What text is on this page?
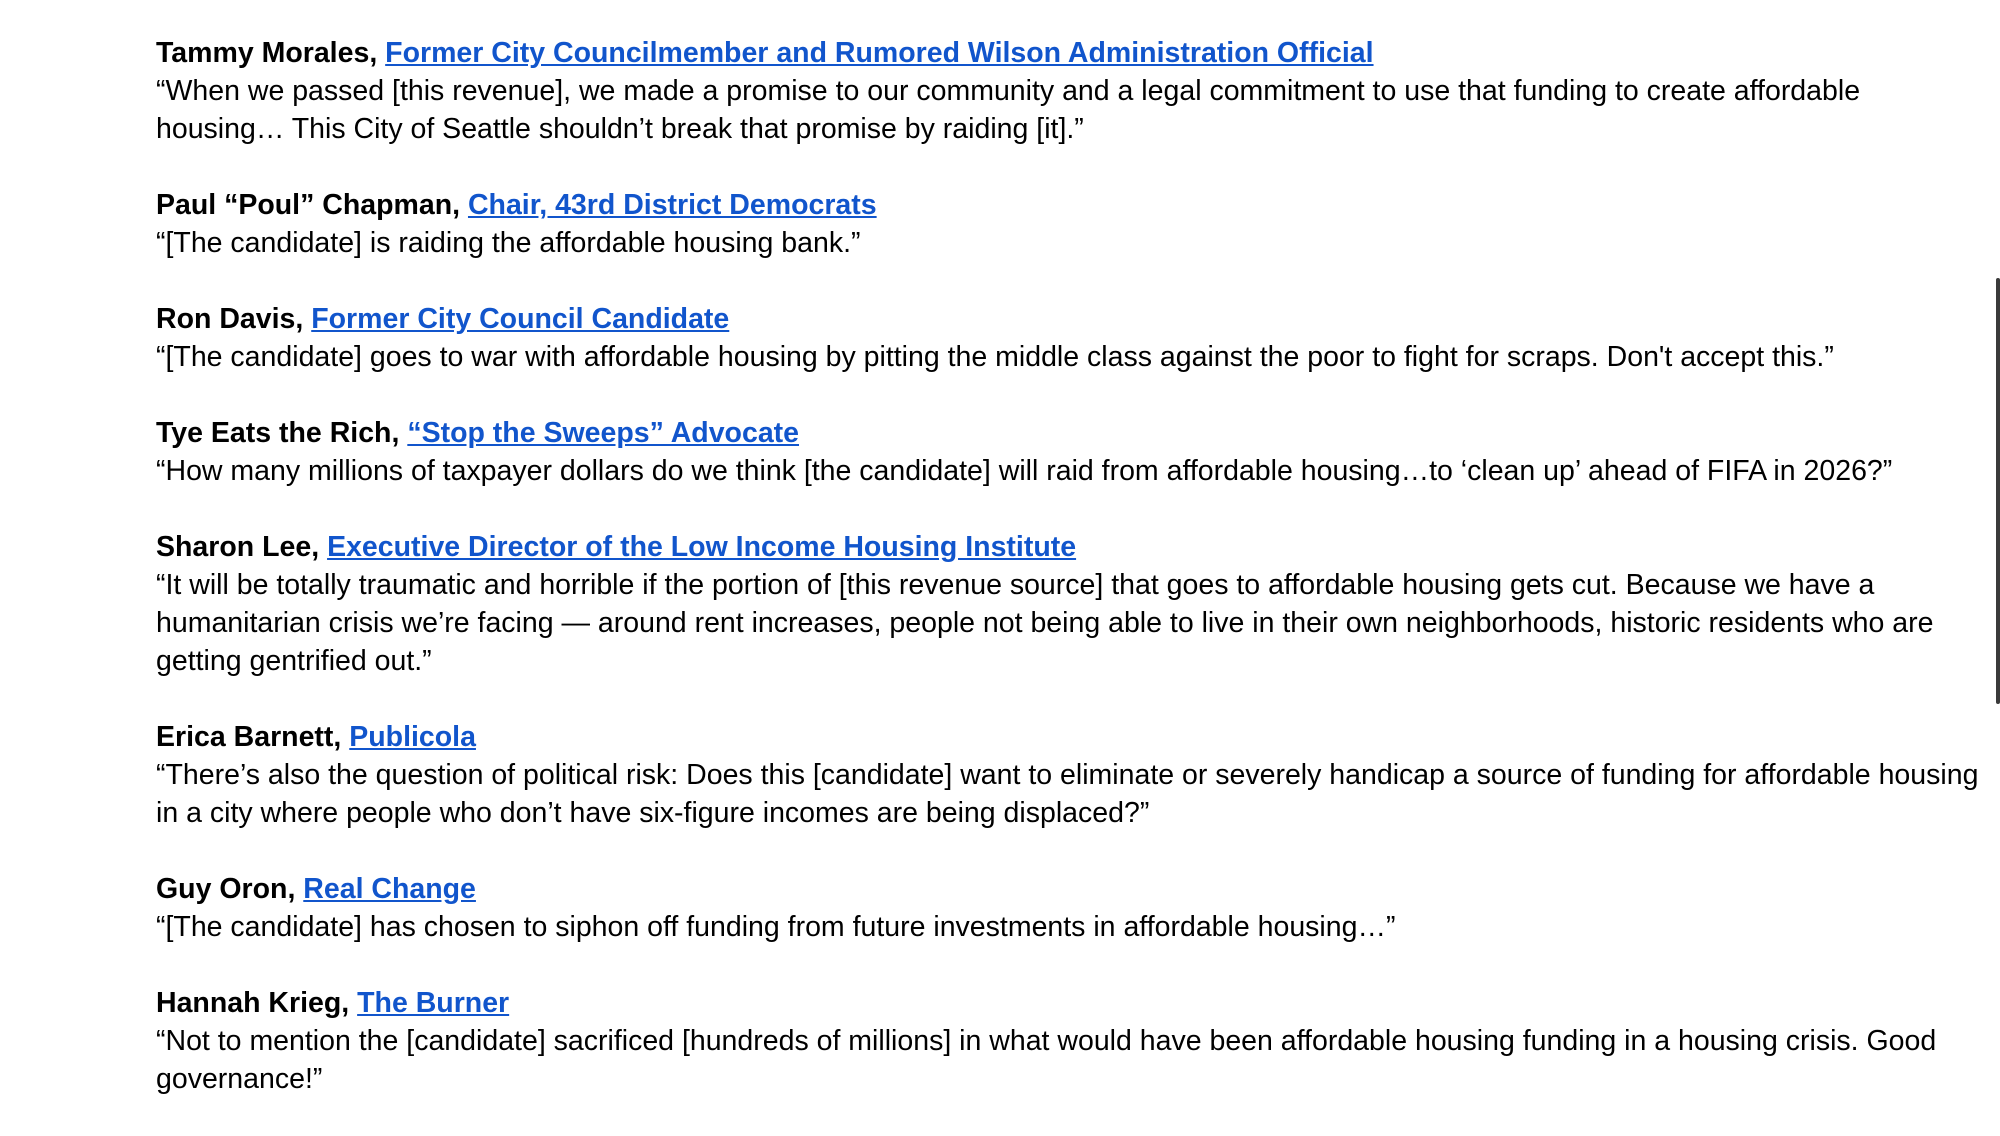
Tammy Morales, Former City Councilmember and Rumored Wilson Administration Official

“When we passed [this revenue], we made a promise to our community and a legal commitment to use that funding to create affordable housing… This City of Seattle shouldn’t break that promise by raiding [it].”

Paul “Poul” Chapman, Chair, 43rd District Democrats

“[The candidate] is raiding the affordable housing bank.”

Ron Davis, Former City Council Candidate

“[The candidate] goes to war with affordable housing by pitting the middle class against the poor to fight for scraps. Don't accept this.”

Tye Eats the Rich, “Stop the Sweeps” Advocate

“How many millions of taxpayer dollars do we think [the candidate] will raid from affordable housing…to ‘clean up’ ahead of FIFA in 2026?”

Sharon Lee, Executive Director of the Low Income Housing Institute

“It will be totally traumatic and horrible if the portion of [this revenue source] that goes to affordable housing gets cut. Because we have a humanitarian crisis we’re facing — around rent increases, people not being able to live in their own neighborhoods, historic residents who are getting gentrified out.”

Erica Barnett, Publicola

“There’s also the question of political risk: Does this [candidate] want to eliminate or severely handicap a source of funding for affordable housing in a city where people who don’t have six-figure incomes are being displaced?”

Guy Oron, Real Change

“[The candidate] has chosen to siphon off funding from future investments in affordable housing…”

Hannah Krieg, The Burner

“Not to mention the [candidate] sacrificed [hundreds of millions] in what would have been affordable housing funding in a housing crisis. Good governance!”
